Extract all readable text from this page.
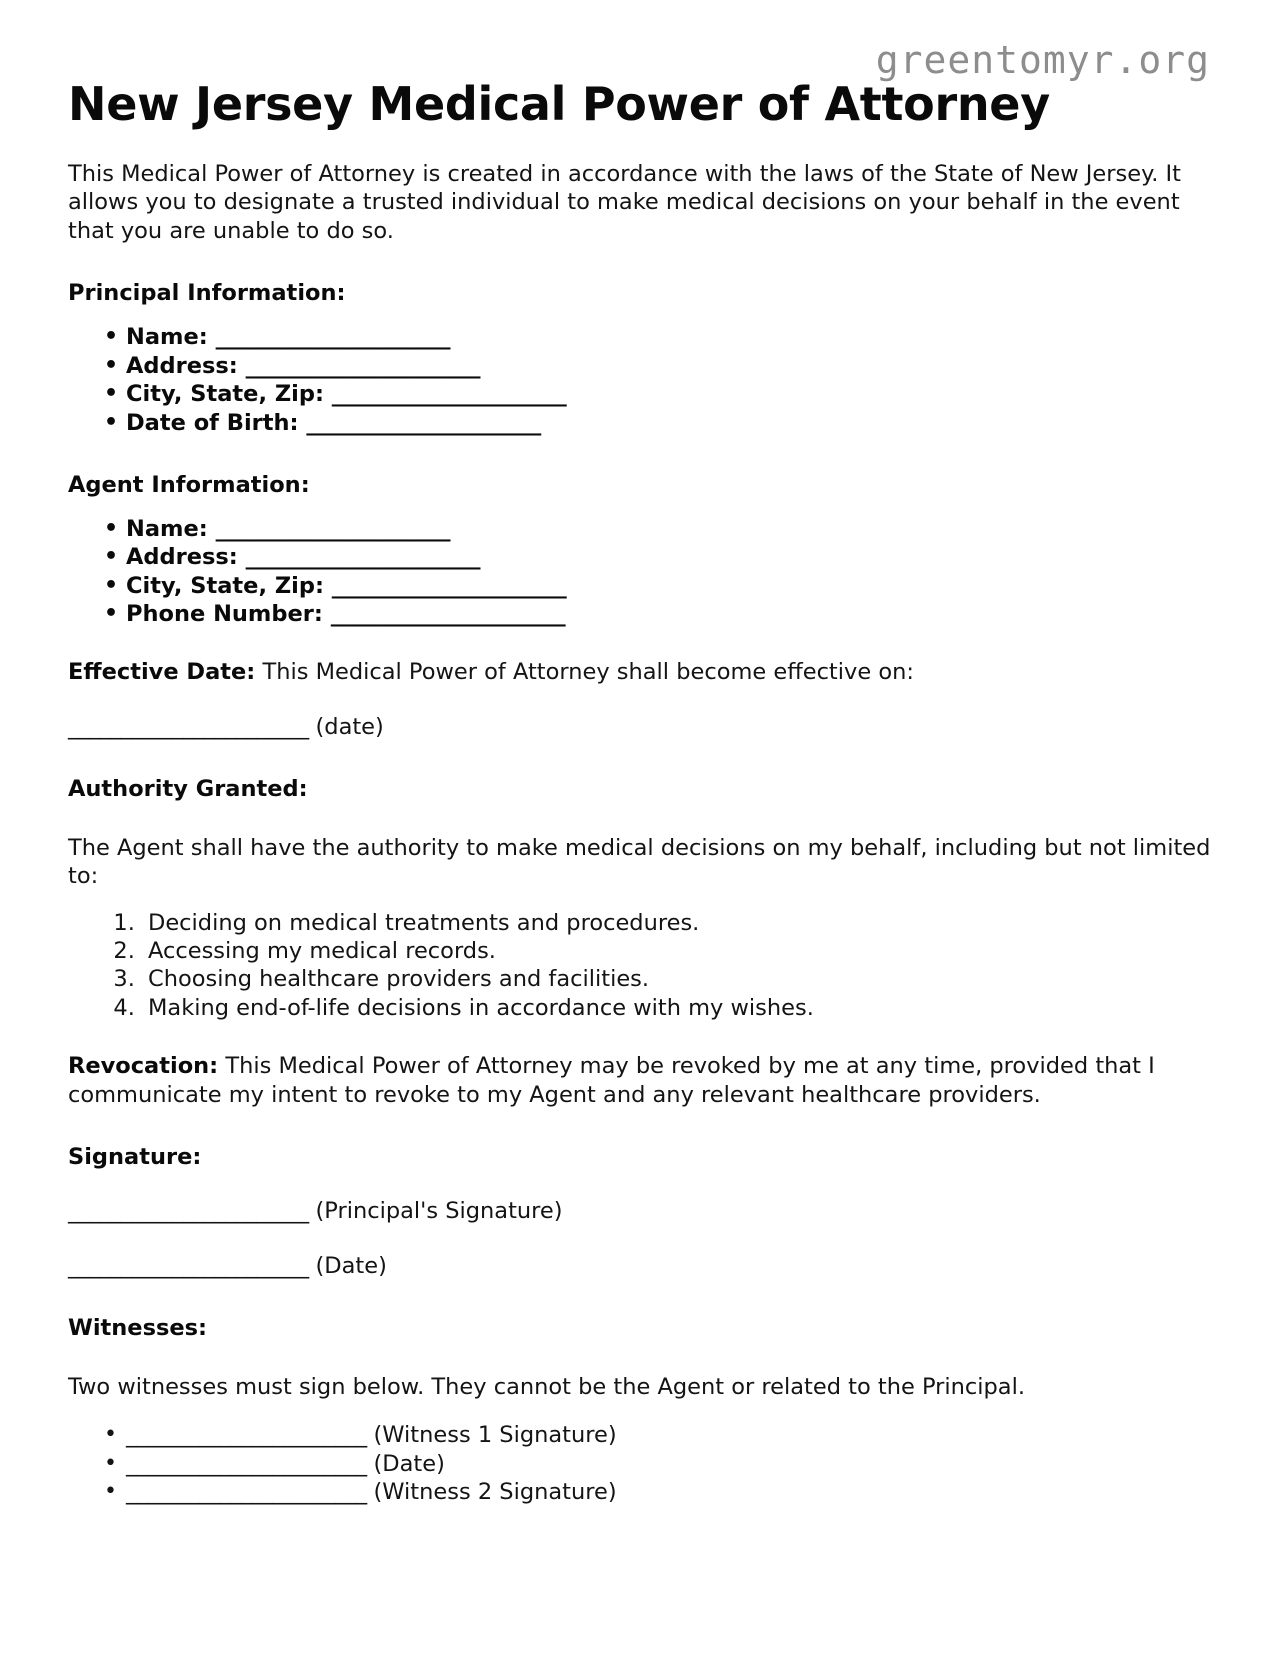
greentomyr.org
New Jersey Medical Power of Attorney

This Medical Power of Attorney is created in accordance with the laws of the State of New Jersey. It allows you to designate a trusted individual to make medical decisions on your behalf in the event that you are unable to do so.

Principal Information:
• Name: ______________________
• Address: ______________________
• City, State, Zip: ______________________
• Date of Birth: ______________________
Agent Information:
• Name: ______________________
• Address: ______________________
• City, State, Zip: ______________________
• Phone Number: ______________________

Effective Date: This Medical Power of Attorney shall become effective on:

_______________________ (date)

Authority Granted:

The Agent shall have the authority to make medical decisions on my behalf, including but not limited to:

1. Deciding on medical treatments and procedures.
2. Accessing my medical records.
3. Choosing healthcare providers and facilities.
4. Making end-of-life decisions in accordance with my wishes.

Revocation: This Medical Power of Attorney may be revoked by me at any time, provided that I communicate my intent to revoke to my Agent and any relevant healthcare providers.

Signature:

_______________________ (Principal's Signature)

_______________________ (Date)

Witnesses:

Two witnesses must sign below. They cannot be the Agent or related to the Principal.

• _______________________ (Witness 1 Signature)
• _______________________ (Date)
• _______________________ (Witness 2 Signature)
